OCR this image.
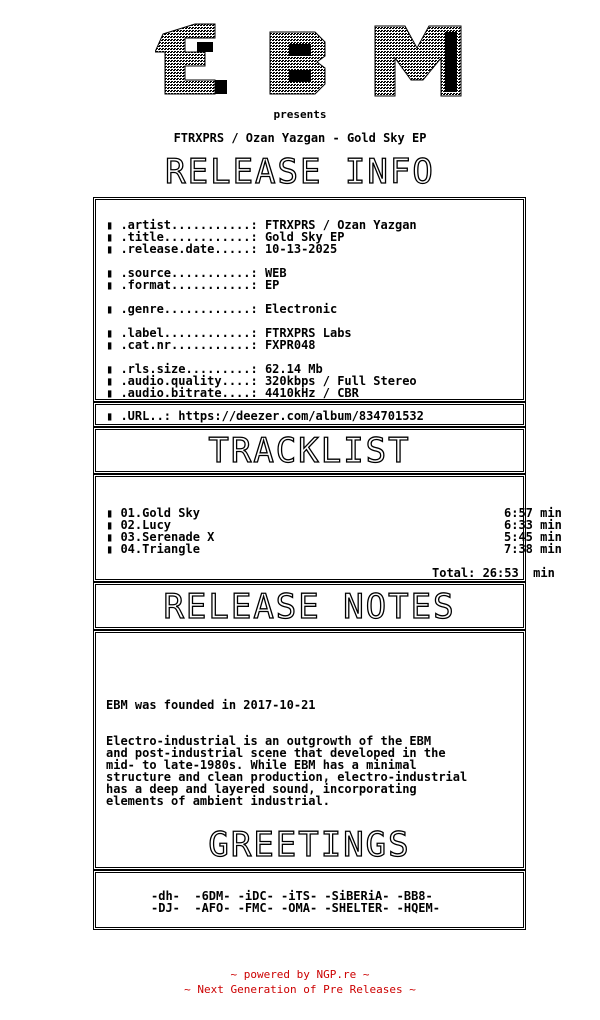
presents
FTRXPRS / Ozan Yazgan - Gold Sky EP
RELEASE INFO
▮ .artist...........: FTRXPRS / Ozan Yazgan
▮ .title............: Gold Sky EP
▮ .release.date.....: 10-13-2025
▮ .source...........: WEB
▮ .format...........: EP
▮ .genre............: Electronic
▮ .label............: FTRXPRS Labs
▮ .cat.nr...........: FXPR048
▮ .rls.size.........: 62.14 Mb
▮ .audio.quality....: 320kbps / Full Stereo
▮ .audio.bitrate....: 4410kHz / CBR
▮ .URL..: https://deezer.com/album/834701532
TRACKLIST
▮ 01.Gold Sky	6:57 min
▮ 02.Lucy	6:33 min
▮ 03.Serenade X	5:45 min
▮ 04.Triangle	7:38 min
Total: 26:53  min
RELEASE NOTES
EBM was founded in 2017-10-21
Electro-industrial is an outgrowth of the EBM
and post-industrial scene that developed in the
mid- to late-1980s. While EBM has a minimal
structure and clean production, electro-industrial
has a deep and layered sound, incorporating
elements of ambient industrial.
GREETINGS
-dh-  -6DM- -iDC- -iTS- -SiBERiA- -BB8-
-DJ-  -AFO- -FMC- -OMA- -SHELTER- -HQEM-
~ powered by NGP.re ~
~ Next Generation of Pre Releases ~
